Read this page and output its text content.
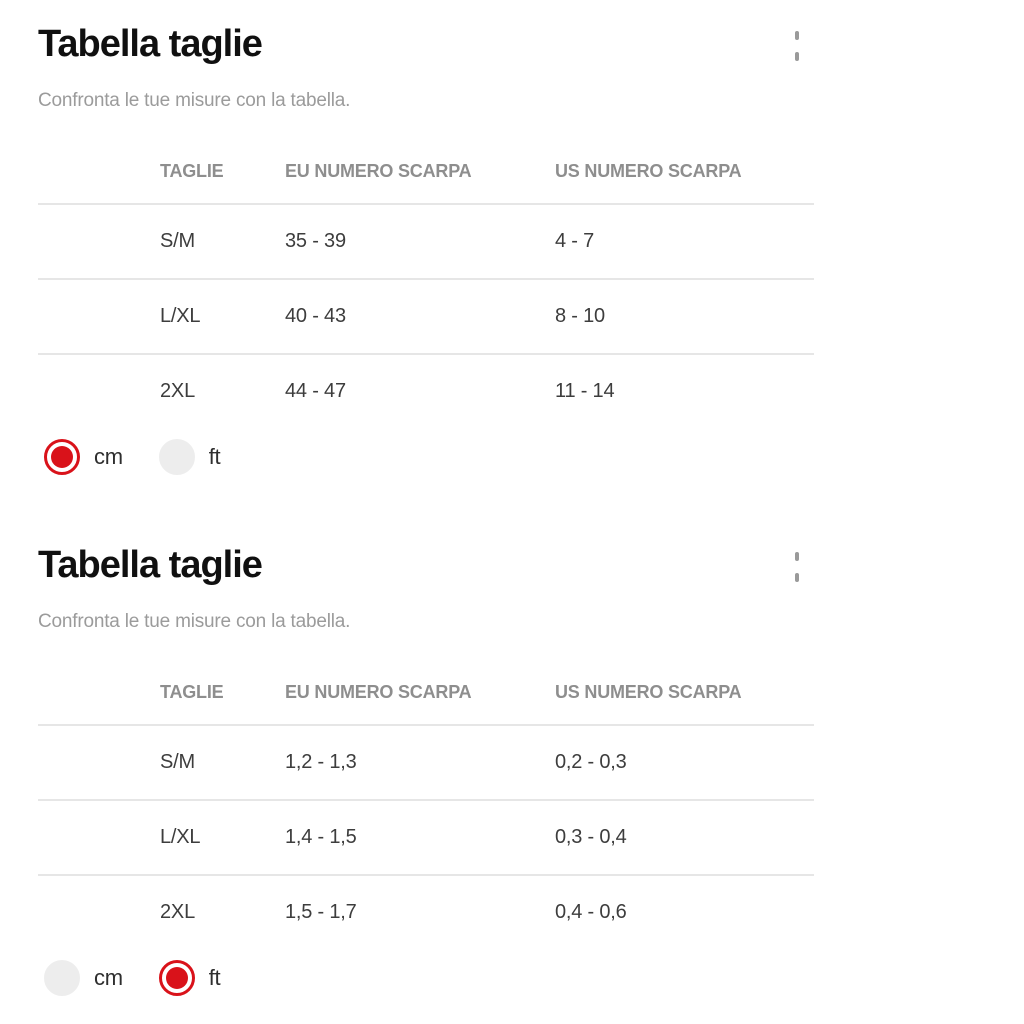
Tabella taglie

Confronta le tue misure con la tabella.

TAGLIE	EU NUMERO SCARPA	US NUMERO SCARPA
S/M	35 - 39	4 - 7
L/XL	40 - 43	8 - 10
2XL	44 - 47	11 - 14
cm	ft
Tabella taglie

Confronta le tue misure con la tabella.

TAGLIE	EU NUMERO SCARPA	US NUMERO SCARPA
S/M	1,2 - 1,3	0,2 - 0,3
L/XL	1,4 - 1,5	0,3 - 0,4
2XL	1,5 - 1,7	0,4 - 0,6
cm	ft
